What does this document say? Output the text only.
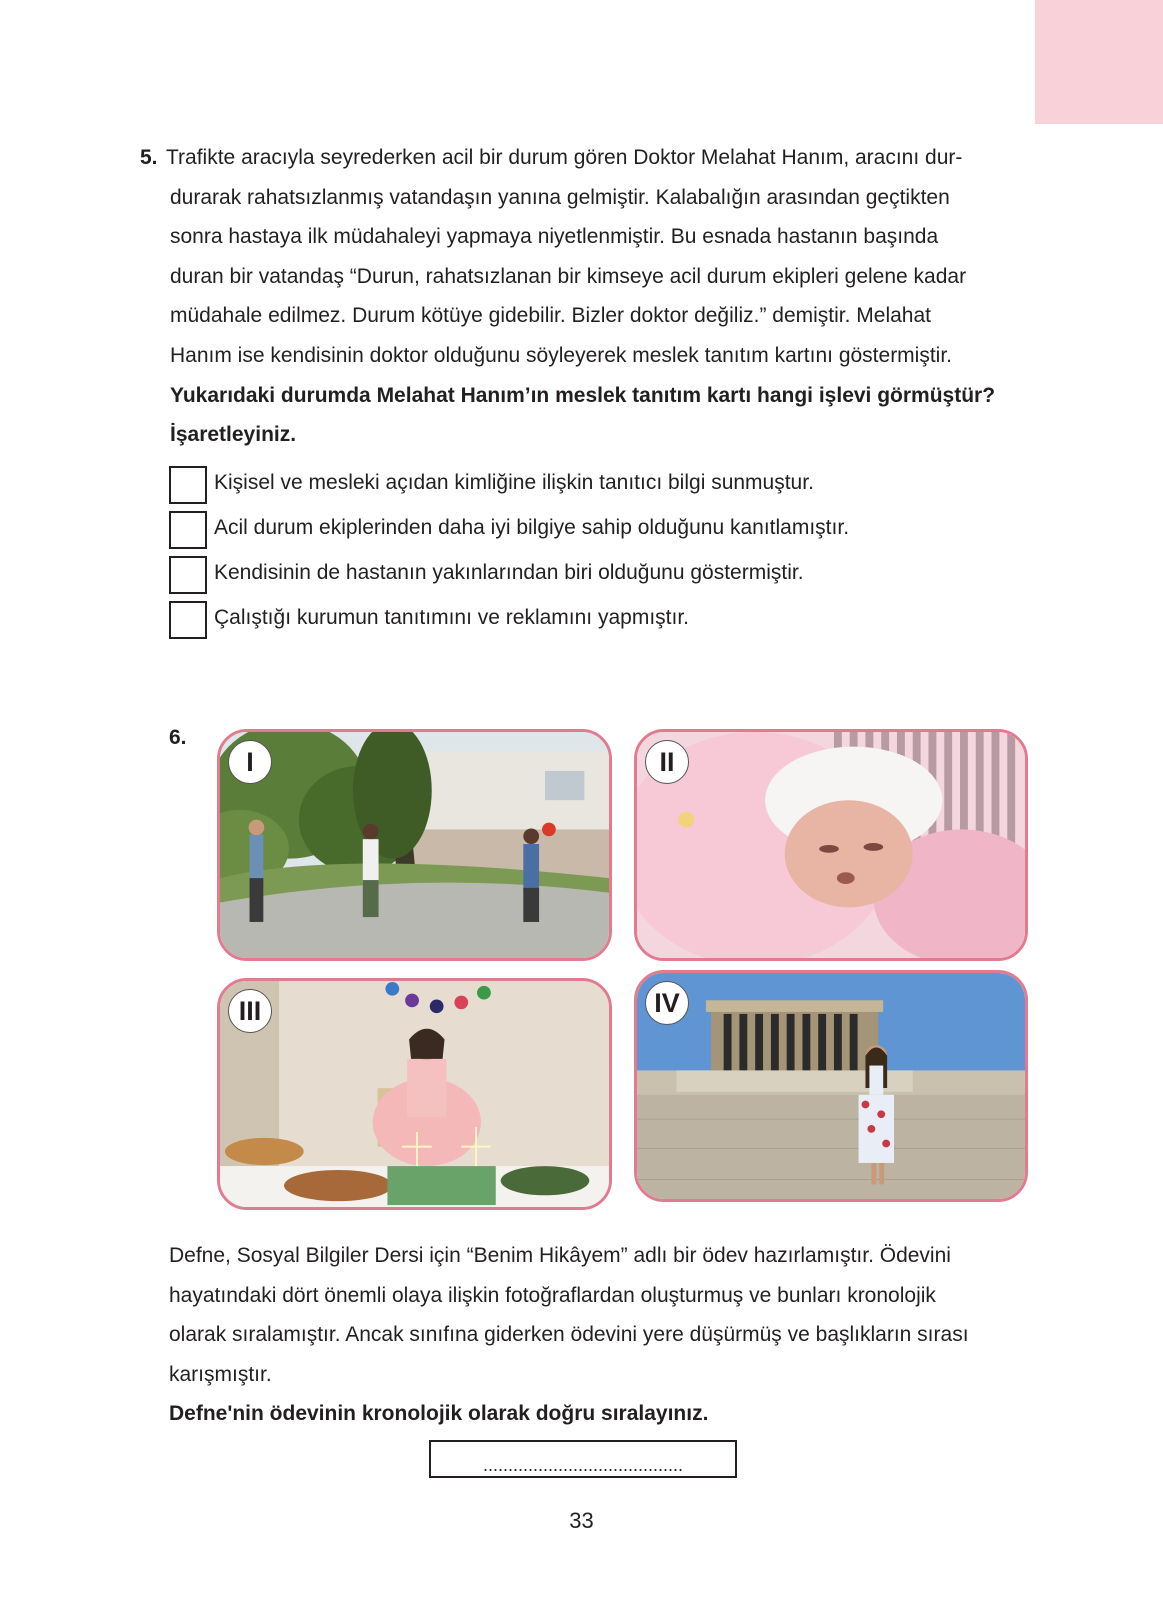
5. Trafikte aracıyla seyrederken acil bir durum gören Doktor Melahat Hanım, aracını dur-

durarak rahatsızlanmış vatandaşın yanına gelmiştir. Kalabalığın arasından geçtikten

sonra hastaya ilk müdahaleyi yapmaya niyetlenmiştir. Bu esnada hastanın başında

duran bir vatandaş “Durun, rahatsızlanan bir kimseye acil durum ekipleri gelene kadar

müdahale edilmez. Durum kötüye gidebilir. Bizler doktor değiliz.” demiştir. Melahat

Hanım ise kendisinin doktor olduğunu söyleyerek meslek tanıtım kartını göstermiştir.

Yukarıdaki durumda Melahat Hanım’ın meslek tanıtım kartı hangi işlevi görmüştür?

İşaretleyiniz.

Kişisel ve mesleki açıdan kimliğine ilişkin tanıtıcı bilgi sunmuştur.
Acil durum ekiplerinden daha iyi bilgiye sahip olduğunu kanıtlamıştır.
Kendisinin de hastanın yakınlarından biri olduğunu göstermiştir.
Çalıştığı kurumun tanıtımını ve reklamını yapmıştır.
6.
I	II
III	IV

Defne, Sosyal Bilgiler Dersi için “Benim Hikâyem” adlı bir ödev hazırlamıştır. Ödevini

hayatındaki dört önemli olaya ilişkin fotoğraflardan oluşturmuş ve bunları kronolojik

olarak sıralamıştır. Ancak sınıfına giderken ödevini yere düşürmüş ve başlıkların sırası

karışmıştır.

Defne'nin ödevinin kronolojik olarak doğru sıralayınız.

........................................
33
